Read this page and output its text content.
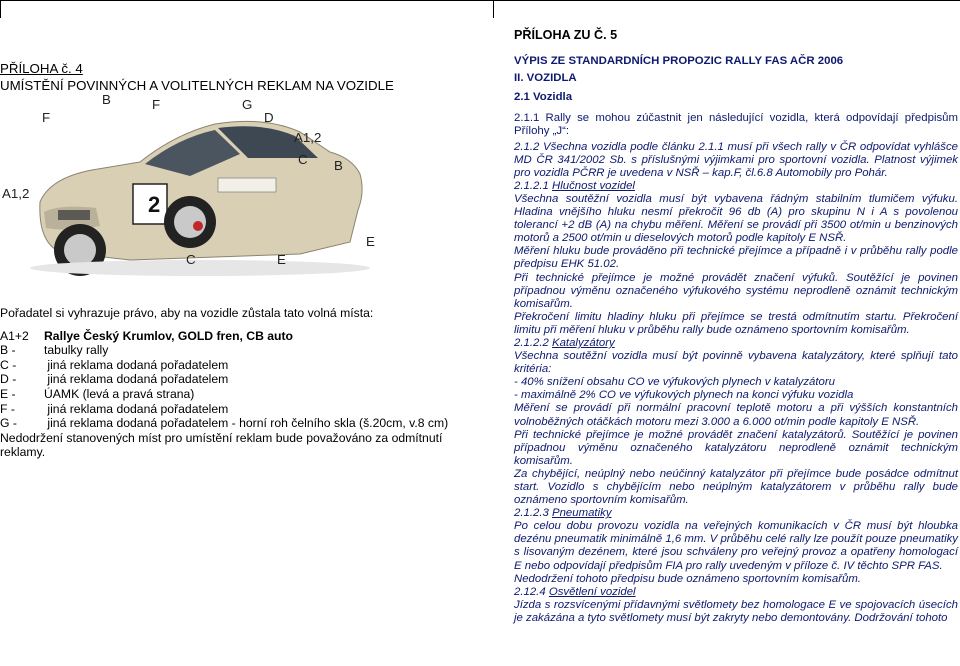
PŘÍLOHA č. 4
UMÍSTĚNÍ POVINNÝCH A VOLITELNÝCH REKLAM NA VOZIDLE
2
B	F	G
F	D
A1,2
C B
A1,2
E
C	E
Pořadatel si vyhrazuje právo, aby na vozidle zůstala tato volná místa:
A1+2	Rallye Český Krumlov, GOLD fren, CB auto
B -	tabulky rally
C -	jiná reklama dodaná pořadatelem
D -	jiná reklama dodaná pořadatelem
E -	ÚAMK (levá a pravá strana)
F -	jiná reklama dodaná pořadatelem
G -	jiná reklama dodaná pořadatelem - horní roh čelního skla (š.20cm, v.8 cm)
Nedodržení stanovených míst pro umístění reklam bude považováno za odmítnutí reklamy.
PŘÍLOHA ZU Č. 5
VÝPIS ZE STANDARDNÍCH PROPOZIC RALLY FAS AČR 2006
II. VOZIDLA
2.1 Vozidla
2.1.1 Rally se mohou zúčastnit jen následující vozidla, která odpovídají předpisům Přílohy „J“:
2.1.2 Všechna vozidla podle článku 2.1.1 musí při všech rally v ČR odpovídat vyhlášce MD ČR 341/2002 Sb. s příslušnými výjimkami pro sportovní vozidla. Platnost výjimek pro vozidla PČRR je uvedena v NSŘ – kap.F, čl.6.8 Automobily pro Pohár.
2.1.2.1 Hlučnost vozidel
Všechna soutěžní vozidla musí být vybavena řádným stabilním tlumičem výfuku. Hladina vnějšího hluku nesmí překročit 96 db (A) pro skupinu N i A s povolenou tolerancí +2 dB (A) na chybu měření. Měření se provádí při 3500 ot/min u benzinových motorů a 2500 ot/min u dieselových motorů podle kapitoly E NSŘ.
Měření hluku bude prováděno při technické přejímce a případně i v průběhu rally podle předpisu EHK 51.02.
Při technické přejímce je možné provádět značení výfuků. Soutěžící je povinen případnou výměnu označeného výfukového systému neprodleně oznámit technickým komisařům.
Překročení limitu hladiny hluku při přejímce se trestá odmítnutím startu. Překročení limitu při měření hluku v průběhu rally bude oznámeno sportovním komisařům.
2.1.2.2 Katalyzátory
Všechna soutěžní vozidla musí být povinně vybavena katalyzátory, které splňují tato kritéria:
- 40% snížení obsahu CO ve výfukových plynech v katalyzátoru
- maximálně 2% CO ve výfukových plynech na konci výfuku vozidla
Měření se provádí při normální pracovní teplotě motoru a při výšších konstantních volnoběžných otáčkách motoru mezi 3.000 a 6.000 ot/min podle kapitoly E NSŘ.
Při technické přejímce je možné provádět značení katalyzátorů. Soutěžící je povinen případnou výměnu označeného katalyzátoru neprodleně oznámit technickým komisařům.
Za chybějící, neúplný nebo neúčinný katalyzátor při přejímce bude posádce odmítnut start. Vozidlo s chybějícím nebo neúplným katalyzátorem v průběhu rally bude oznámeno sportovním komisařům.
2.1.2.3 Pneumatiky
Po celou dobu provozu vozidla na veřejných komunikacích v ČR musí být hloubka dezénu pneumatik minimálně 1,6 mm. V průběhu celé rally lze použít pouze pneumatiky s lisovaným dezénem, které jsou schváleny pro veřejný provoz a opatřeny homologací E nebo odpovídají předpisům FIA pro rally uvedeným v příloze č. IV těchto SPR FAS.
Nedodržení tohoto předpisu bude oznámeno sportovním komisařům.
2.12.4 Osvětlení vozidel
Jízda s rozsvícenými přídavnými světlomety bez homologace E ve spojovacích úsecích je zakázána a tyto světlomety musí být zakryty nebo demontovány. Dodržování tohoto
